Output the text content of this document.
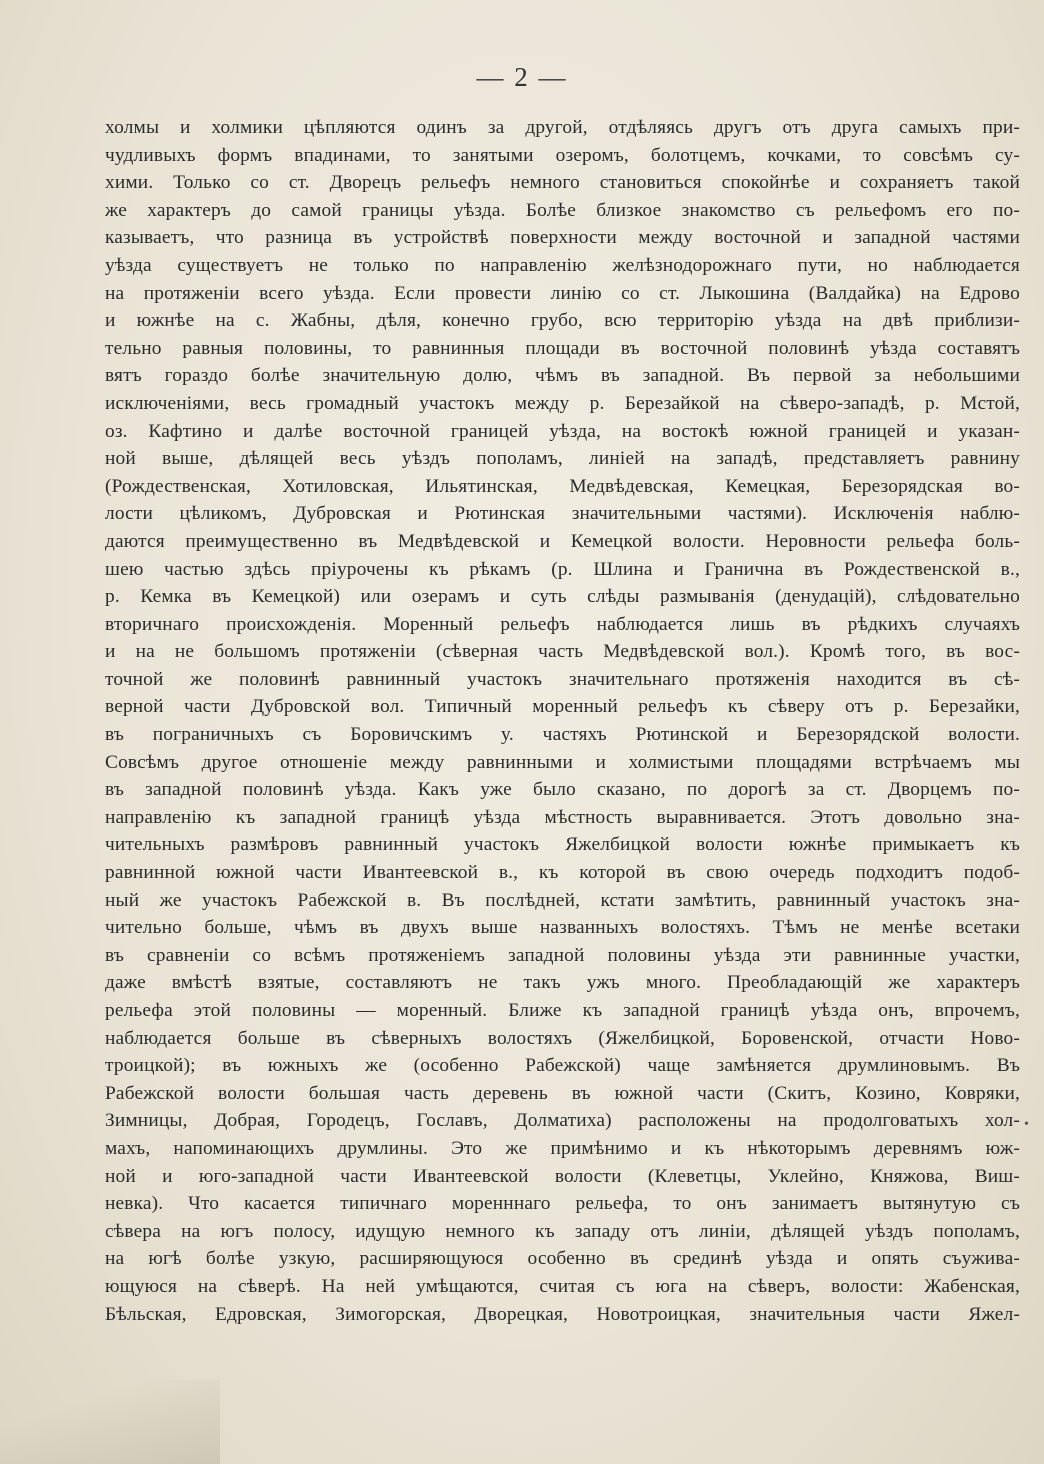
— 2 —
холмы и холмики цѣпляются одинъ за другой, отдѣляясь другъ отъ друга самыхъ при-
чудливыхъ формъ впадинами, то занятыми озеромъ, болотцемъ, кочками, то совсѣмъ су-
хими. Только со ст. Дворецъ рельефъ немного становиться спокойнѣе и сохраняетъ такой
же характеръ до самой границы уѣзда. Болѣе близкое знакомство съ рельефомъ его по-
казываетъ, что разница въ устройствѣ поверхности между восточной и западной частями
уѣзда существуетъ не только по направленію желѣзнодорожнаго пути, но наблюдается
на протяженіи всего уѣзда. Если провести линію со ст. Лыкошина (Валдайка) на Едрово
и южнѣе на с. Жабны, дѣля, конечно грубо, всю территорію уѣзда на двѣ приблизи-
тельно равныя половины, то равнинныя площади въ восточной половинѣ уѣзда составятъ
вятъ гораздо болѣе значительную долю, чѣмъ въ западной. Въ первой за небольшими
исключеніями, весь громадный участокъ между р. Березайкой на сѣверо-западѣ, р. Мстой,
оз. Кафтино и далѣе восточной границей уѣзда, на востокѣ южной границей и указан-
ной выше, дѣлящей весь уѣздъ пополамъ, линіей на западѣ, представляетъ равнину
(Рождественская, Хотиловская, Ильятинская, Медвѣдевская, Кемецкая, Березорядская во-
лости цѣликомъ, Дубровская и Рютинская значительными частями). Исключенія наблю-
даются преимущественно въ Медвѣдевской и Кемецкой волости. Неровности рельефа боль-
шею частью здѣсь пріурочены къ рѣкамъ (р. Шлина и Гранична въ Рождественской в.,
р. Кемка въ Кемецкой) или озерамъ и суть слѣды размыванія (денудацій), слѣдовательно
вторичнаго происхожденія. Моренный рельефъ наблюдается лишь въ рѣдкихъ случаяхъ
и на не большомъ протяженіи (сѣверная часть Медвѣдевской вол.). Кромѣ того, въ вос-
точной же половинѣ равнинный участокъ значительнаго протяженія находится въ сѣ-
верной части Дубровской вол. Типичный моренный рельефъ къ сѣверу отъ р. Березайки,
въ пограничныхъ съ Боровичскимъ у. частяхъ Рютинской и Березорядской волости.
Совсѣмъ другое отношеніе между равнинными и холмистыми площадями встрѣчаемъ мы
въ западной половинѣ уѣзда. Какъ уже было сказано, по дорогѣ за ст. Дворцемъ по-
направленію къ западной границѣ уѣзда мѣстность выравнивается. Этотъ довольно зна-
чительныхъ размѣровъ равнинный участокъ Яжелбицкой волости южнѣе примыкаетъ къ
равнинной южной части Ивантеевской в., къ которой въ свою очередь подходитъ подоб-
ный же участокъ Рабежской в. Въ послѣдней, кстати замѣтить, равнинный участокъ зна-
чительно больше, чѣмъ въ двухъ выше названныхъ волостяхъ. Тѣмъ не менѣе всетаки
въ сравненіи со всѣмъ протяженіемъ западной половины уѣзда эти равнинные участки,
даже вмѣстѣ взятые, составляютъ не такъ ужъ много. Преобладающій же характеръ
рельефа этой половины — моренный. Ближе къ западной границѣ уѣзда онъ, впрочемъ,
наблюдается больше въ сѣверныхъ волостяхъ (Яжелбицкой, Боровенской, отчасти Ново-
троицкой); въ южныхъ же (особенно Рабежской) чаще замѣняется друмлиновымъ. Въ
Рабежской волости большая часть деревень въ южной части (Скитъ, Козино, Ковряки,
Зимницы, Добрая, Городецъ, Гославъ, Долматиха) расположены на продолговатыхъ хол-
махъ, напоминающихъ друмлины. Это же примѣнимо и къ нѣкоторымъ деревнямъ юж-
ной и юго-западной части Ивантеевской волости (Клеветцы, Уклейно, Княжова, Виш-
невка). Что касается типичнаго моренннаго рельефа, то онъ занимаетъ вытянутую съ
сѣвера на югъ полосу, идущую немного къ западу отъ линіи, дѣлящей уѣздъ пополамъ,
на югѣ болѣе узкую, расширяющуюся особенно въ срединѣ уѣзда и опять съуживa-
ющуюся на сѣверѣ. На ней умѣщаются, считая съ юга на сѣверъ, волости: Жабенская,
Бѣльская, Едровская, Зимогорская, Дворецкая, Новотроицкая, значительныя части Яжел-
•
